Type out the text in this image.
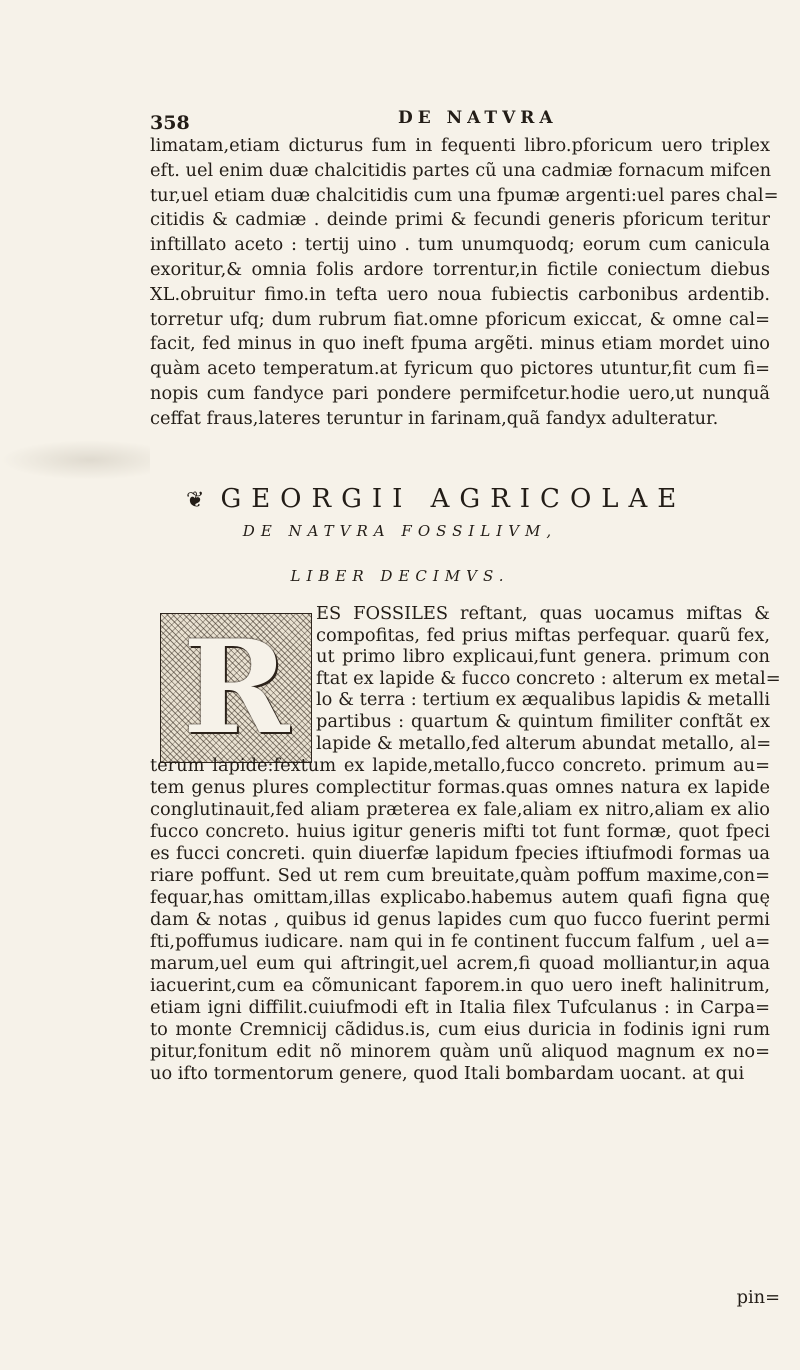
358	DE NATVRA
limatam,etiam dicturus fum in fequenti libro.pforicum uero triplex
eft. uel enim duæ chalcitidis partes cũ una cadmiæ fornacum mifcen
tur,uel etiam duæ chalcitidis cum una fpumæ argenti:uel pares chal=
citidis & cadmiæ . deinde primi & fecundi generis pforicum teritur
inftillato aceto : tertij uino . tum unumquodq; eorum cum canicula
exoritur,& omnia folis ardore torrentur,in fictile coniectum diebus
XL.obruitur fimo.in tefta uero noua fubiectis carbonibus ardentib.
torretur ufq; dum rubrum fiat.omne pforicum exiccat, & omne cal=
facit, fed minus in quo ineft fpuma argẽti. minus etiam mordet uino
quàm aceto temperatum.at fyricum quo pictores utuntur,fit cum fi=
nopis cum fandyce pari pondere permifcetur.hodie uero,ut nunquã
ceffat fraus,lateres teruntur in farinam,quã fandyx adulteratur.
❦ GEORGII AGRICOLAE
DE NATVRA FOSSILIVM,
LIBER DECIMVS.
R	ES FOSSILES reftant, quas uocamus miftas &
compofitas, fed prius miftas perfequar. quarũ fex,
ut primo libro explicaui,funt genera. primum con
ftat ex lapide & fucco concreto : alterum ex metal=
lo & terra : tertium ex æqualibus lapidis & metalli
partibus : quartum & quintum fimiliter conftãt ex
lapide & metallo,fed alterum abundat metallo, al=
terum lapide:fextum ex lapide,metallo,fucco concreto. primum au=
tem genus plures complectitur formas.quas omnes natura ex lapide
conglutinauit,fed aliam præterea ex fale,aliam ex nitro,aliam ex alio
fucco concreto. huius igitur generis mifti tot funt formæ, quot fpeci
es fucci concreti. quin diuerfæ lapidum fpecies iftiufmodi formas ua
riare poffunt. Sed ut rem cum breuitate,quàm poffum maxime,con=
fequar,has omittam,illas explicabo.habemus autem quafi figna quę
dam & notas , quibus id genus lapides cum quo fucco fuerint permi
fti,poffumus iudicare. nam qui in fe continent fuccum falfum , uel a=
marum,uel eum qui aftringit,uel acrem,fi quoad molliantur,in aqua
iacuerint,cum ea cõmunicant faporem.in quo uero ineft halinitrum,
etiam igni diffilit.cuiufmodi eft in Italia filex Tufculanus : in Carpa=
to monte Cremnicij cãdidus.is, cum eius duricia in fodinis igni rum
pitur,fonitum edit nõ minorem quàm unũ aliquod magnum ex no=
uo ifto tormentorum genere, quod Itali bombardam uocant. at qui
pin=
